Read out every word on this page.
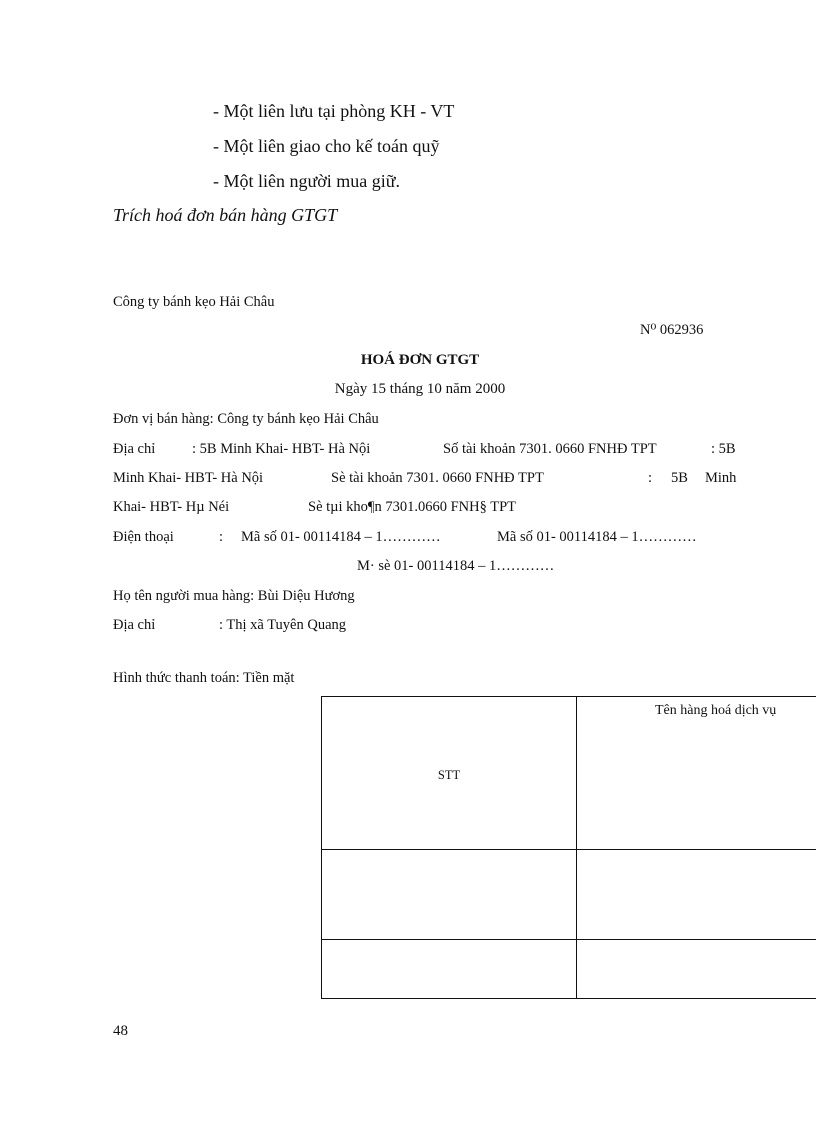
- Một liên lưu tại phòng KH - VT
- Một liên giao cho kế toán quỹ
- Một liên người mua giữ.
Trích hoá đơn bán hàng GTGT
Công ty bánh kẹo Hải Châu
N⁰ 062936
HOÁ ĐƠN GTGT
Ngày 15 tháng 10 năm 2000
Đơn vị bán hàng: Công ty bánh kẹo Hải Châu
Địa chỉ	: 5B Minh Khai- HBT- Hà Nội	Số tài khoản 7301. 0660 FNHĐ TPT	: 5B
Minh Khai- HBT- Hà Nội	Sè tài khoản 7301. 0660 FNHĐ TPT	: 5B Minh
Khai- HBT- Hµ Néi	Sè tµi kho¶n 7301.0660 FNH§ TPT
Điện thoại	: Mã số 01- 00114184 – 1…………	Mã số 01- 00114184 – 1…………
M· sè 01- 00114184 – 1…………
Họ tên người mua hàng: Bùi Diệu Hương
Địa chỉ	: Thị xã Tuyên Quang
Hình thức thanh toán: Tiền mặt
STT	Tên hàng hoá dịch vụ

48
